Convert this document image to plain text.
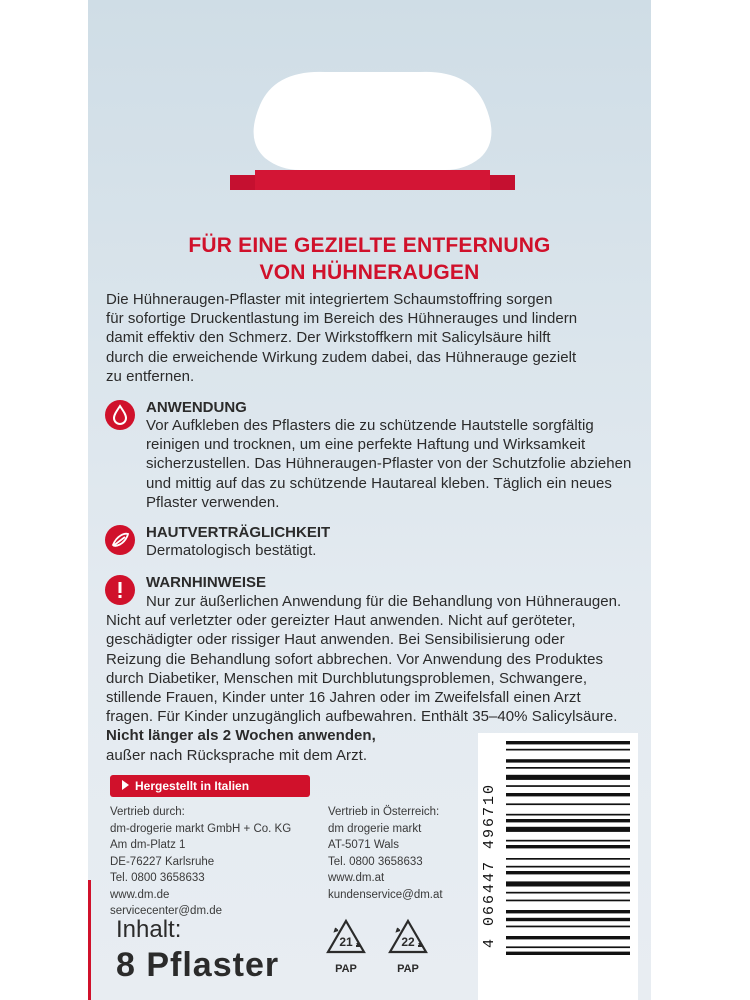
FÜR EINE GEZIELTE ENTFERNUNG
VON HÜHNERAUGEN
Die Hühneraugen-Pflaster mit integriertem Schaumstoffring sorgen
für sofortige Druckentlastung im Bereich des Hühnerauges und lindern
damit effektiv den Schmerz. Der Wirkstoffkern mit Salicylsäure hilft
durch die erweichende Wirkung zudem dabei, das Hühnerauge gezielt
zu entfernen.
ANWENDUNG
Vor Aufkleben des Pflasters die zu schützende Hautstelle sorgfältig
reinigen und trocknen, um eine perfekte Haftung und Wirksamkeit
sicherzustellen. Das Hühneraugen-Pflaster von der Schutzfolie abziehen
und mittig auf das zu schützende Hautareal kleben. Täglich ein neues
Pflaster verwenden.
HAUTVERTRÄGLICHKEIT
Dermatologisch bestätigt.
WARNHINWEISE
Nur zur äußerlichen Anwendung für die Behandlung von Hühneraugen.
Nicht auf verletzter oder gereizter Haut anwenden. Nicht auf geröteter,
geschädigter oder rissiger Haut anwenden. Bei Sensibilisierung oder
Reizung die Behandlung sofort abbrechen. Vor Anwendung des Produktes
durch Diabetiker, Menschen mit Durchblutungsproblemen, Schwangere,
stillende Frauen, Kinder unter 16 Jahren oder im Zweifelsfall einen Arzt
fragen. Für Kinder unzugänglich aufbewahren. Enthält 35–40% Salicylsäure.
Nicht länger als 2 Wochen anwenden,
außer nach Rücksprache mit dem Arzt.
Hergestellt in Italien
Vertrieb durch:
dm-drogerie markt GmbH + Co. KG
Am dm-Platz 1
DE-76227 Karlsruhe
Tel. 0800 3658633
www.dm.de
servicecenter@dm.de
Vertrieb in Österreich:
dm drogerie markt
AT-5071 Wals
Tel. 0800 3658633
www.dm.at
kundenservice@dm.at
Inhalt:
8 Pflaster
21
PAP
22
PAP
4 066447 496710
